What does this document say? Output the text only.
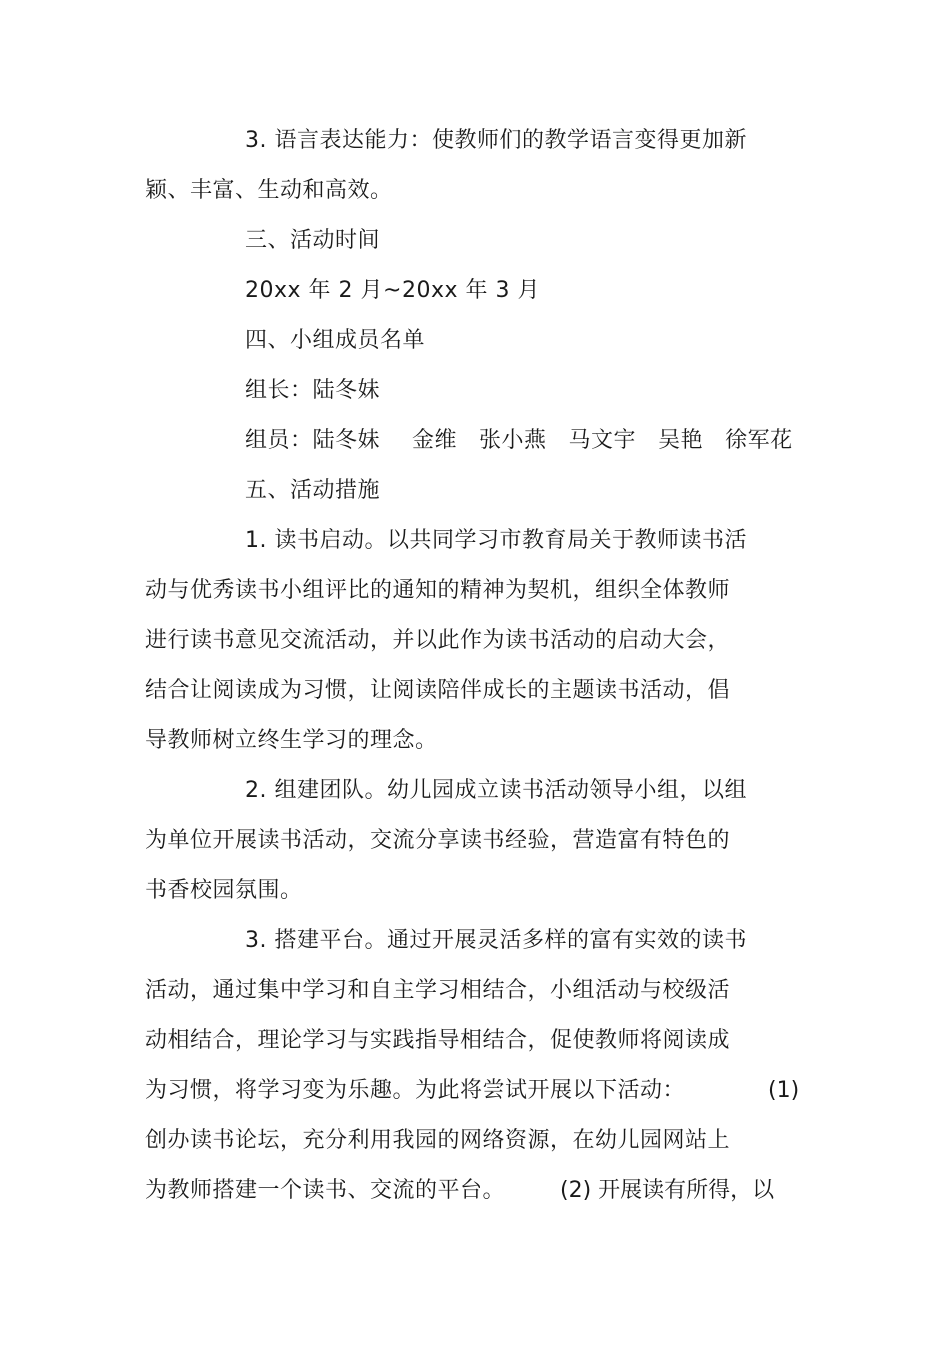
3. 语言表达能力：使教师们的教学语言变得更加新
颖、丰富、生动和高效。
三、活动时间
20xx 年 2 月~20xx 年 3 月
四、小组成员名单
组长：陆冬妹
组员：陆冬妹 金维 张小燕 马文宇 吴艳 徐军花
五、活动措施
1. 读书启动。以共同学习市教育局关于教师读书活
动与优秀读书小组评比的通知的精神为契机，组织全体教师
进行读书意见交流活动，并以此作为读书活动的启动大会，
结合让阅读成为习惯，让阅读陪伴成长的主题读书活动，倡
导教师树立终生学习的理念。
2. 组建团队。幼儿园成立读书活动领导小组，以组
为单位开展读书活动，交流分享读书经验，营造富有特色的
书香校园氛围。
3. 搭建平台。通过开展灵活多样的富有实效的读书
活动，通过集中学习和自主学习相结合，小组活动与校级活
动相结合，理论学习与实践指导相结合，促使教师将阅读成
为习惯，将学习变为乐趣。为此将尝试开展以下活动：	(1)
创办读书论坛，充分利用我园的网络资源，在幼儿园网站上
为教师搭建一个读书、交流的平台。 (2) 开展读有所得，以
